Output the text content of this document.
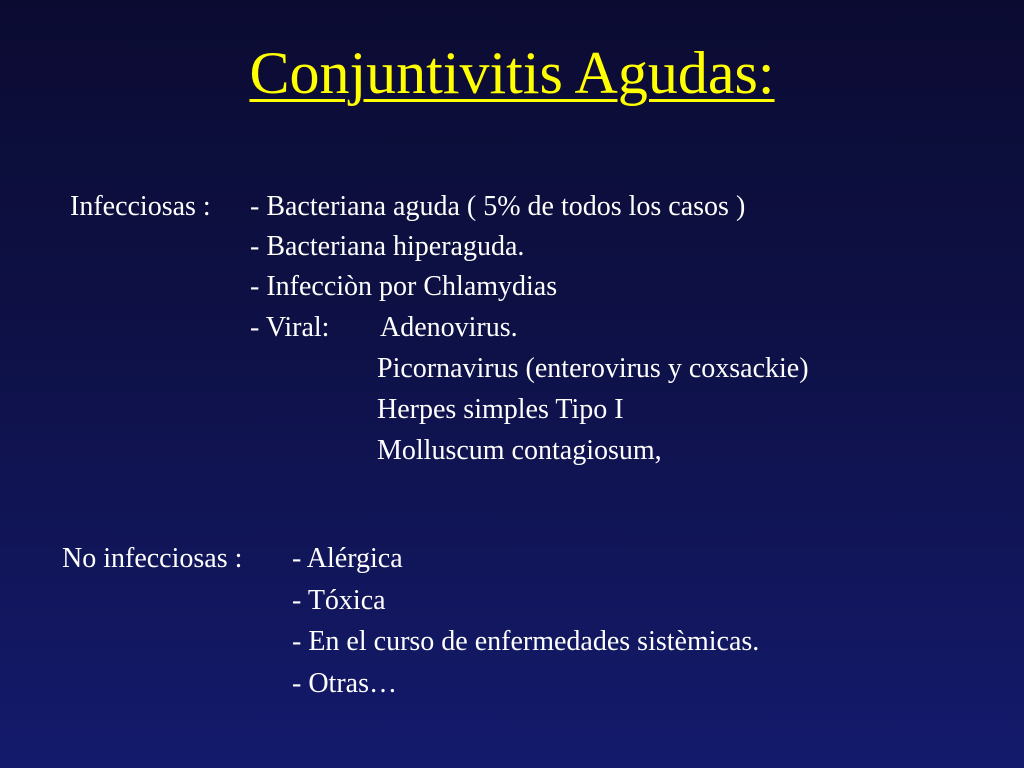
Conjuntivitis Agudas:
Infecciosas : - Bacteriana aguda ( 5% de todos los casos )
- Bacteriana hiperaguda.
- Infecciòn por Chlamydias
- Viral: Adenovirus.
Picornavirus (enterovirus y coxsackie)
Herpes simples Tipo I
Molluscum contagiosum,
No infecciosas : - Alérgica
- Tóxica
- En el curso de enfermedades sistèmicas.
- Otras…
